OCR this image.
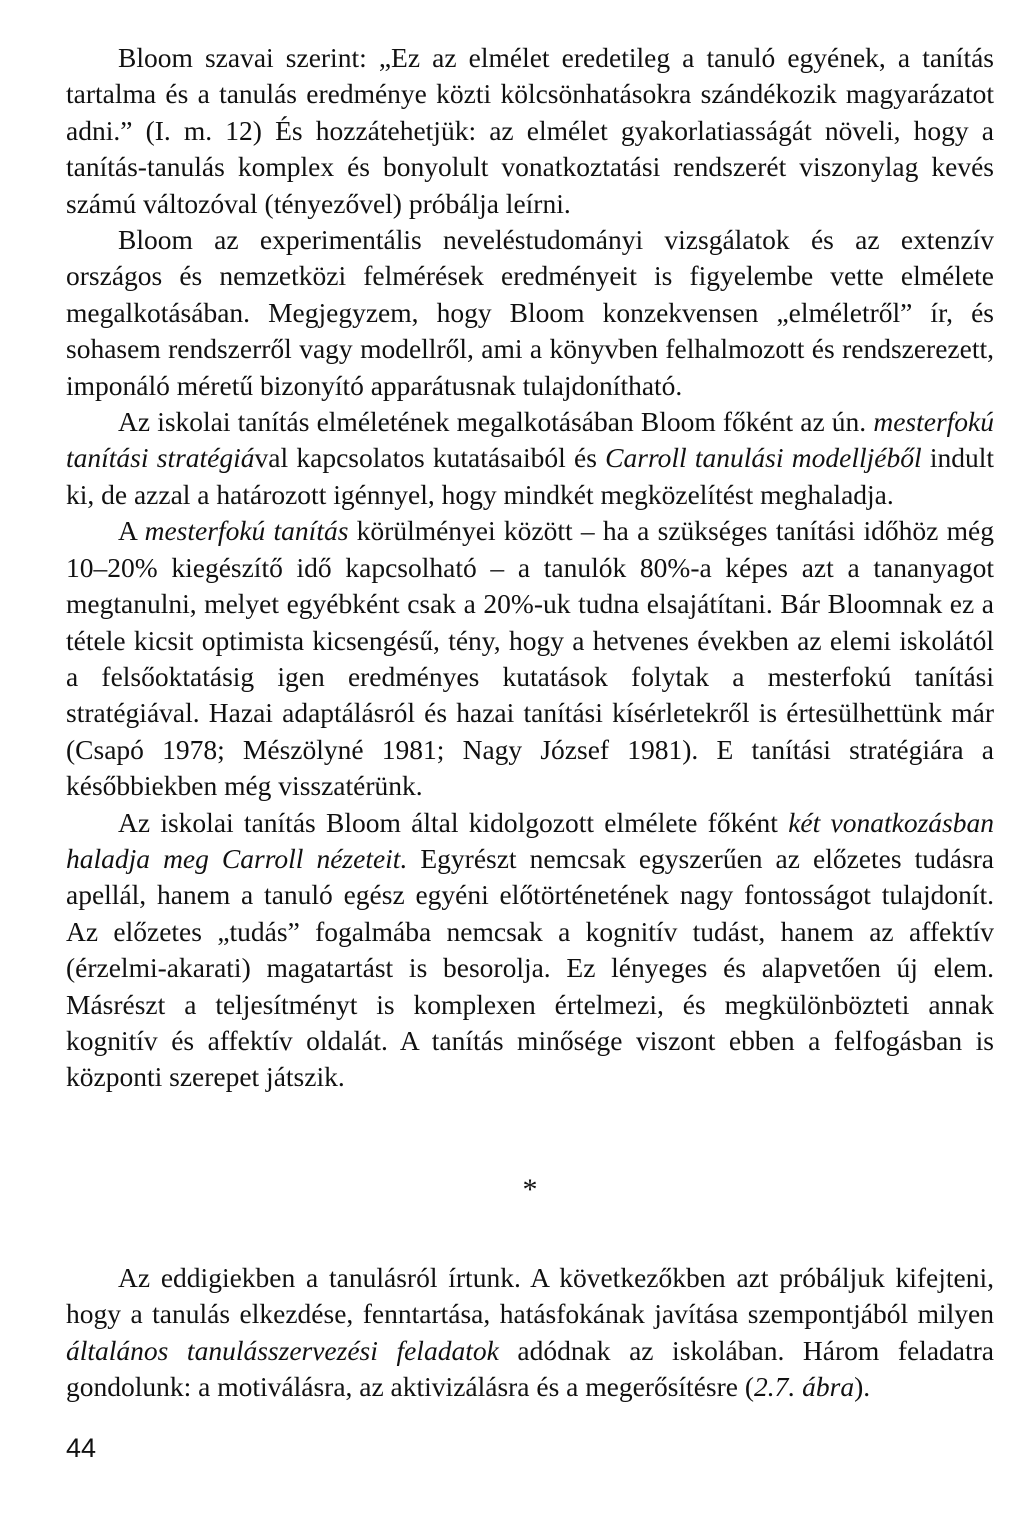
Bloom szavai szerint: „Ez az elmélet eredetileg a tanuló egyének, a tanítás tartalma és a tanulás eredménye közti kölcsönhatásokra szándékozik magyarázatot adni.” (I. m. 12) És hozzátehetjük: az elmélet gyakorlatiasságát növeli, hogy a tanítás-tanulás komplex és bonyolult vonatkoztatási rendszerét viszonylag kevés számú változóval (tényezővel) próbálja leírni.

Bloom az experimentális neveléstudományi vizsgálatok és az extenzív országos és nemzetközi felmérések eredményeit is figyelembe vette elmélete megalkotásában. Megjegyzem, hogy Bloom konzekvensen „elméletről” ír, és sohasem rendszerről vagy modellről, ami a könyvben felhalmozott és rendszerezett, imponáló méretű bizonyító apparátusnak tulajdonítható.

Az iskolai tanítás elméletének megalkotásában Bloom főként az ún. mesterfokú tanítási stratégiával kapcsolatos kutatásaiból és Carroll tanulási modelljéből indult ki, de azzal a határozott igénnyel, hogy mindkét megközelítést meghaladja.

A mesterfokú tanítás körülményei között – ha a szükséges tanítási időhöz még 10–20% kiegészítő idő kapcsolható – a tanulók 80%-a képes azt a tananyagot megtanulni, melyet egyébként csak a 20%-uk tudna elsajátítani. Bár Bloomnak ez a tétele kicsit optimista kicsengésű, tény, hogy a hetvenes években az elemi iskolától a felsőoktatásig igen eredményes kutatások folytak a mesterfokú tanítási stratégiával. Hazai adaptálásról és hazai tanítási kísérletekről is értesülhettünk már (Csapó 1978; Mészölyné 1981; Nagy József 1981). E tanítási stratégiára a későbbiekben még visszatérünk.

Az iskolai tanítás Bloom által kidolgozott elmélete főként két vonatkozásban haladja meg Carroll nézeteit. Egyrészt nemcsak egyszerűen az előzetes tudásra apellál, hanem a tanuló egész egyéni előtörténetének nagy fontosságot tulajdonít. Az előzetes „tudás” fogalmába nemcsak a kognitív tudást, hanem az affektív (érzelmi-akarati) magatartást is besorolja. Ez lényeges és alapvetően új elem. Másrészt a teljesítményt is komplexen értelmezi, és megkülönbözteti annak kognitív és affektív oldalát. A tanítás minősége viszont ebben a felfogásban is központi szerepet játszik.

*

Az eddigiekben a tanulásról írtunk. A következőkben azt próbáljuk kifejteni, hogy a tanulás elkezdése, fenntartása, hatásfokának javítása szempontjából milyen általános tanulásszervezési feladatok adódnak az iskolában. Három feladatra gondolunk: a motiválásra, az aktivizálásra és a megerősítésre (2.7. ábra).

44
